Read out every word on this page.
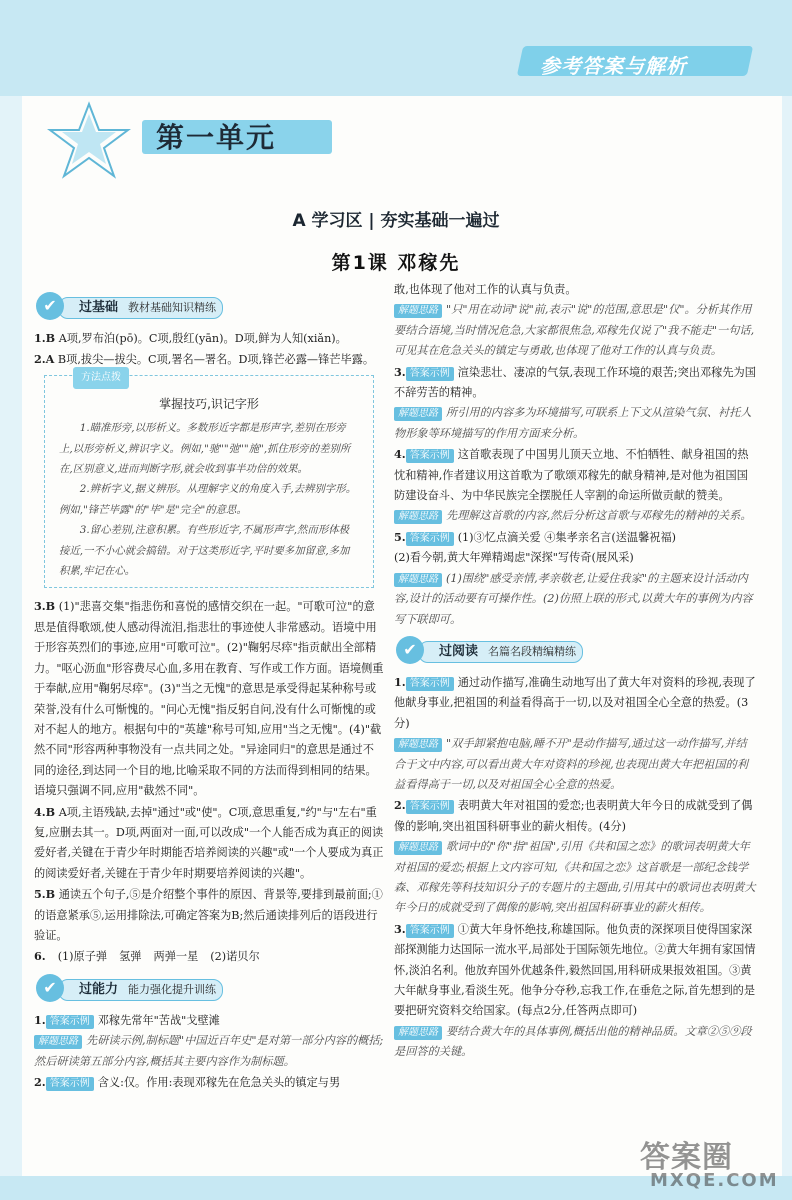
参考答案与解析
第一单元
A 学习区 | 夯实基础一遍过
第1课 邓稼先
过基础 教材基础知识精练
✔

1.B A项,罗布泊(pō)。C项,殷红(yān)。D项,鲜为人知(xiǎn)。

2.A B项,拔尖—拔尖。C项,署名—署名。D项,锋芒必露—锋芒毕露。

方法点拨
掌握技巧,识记字形

1.瞄准形旁,以形析义。多数形近字都是形声字,差别在形旁上,以形旁析义,辨识字义。例如,"驰""弛""施",抓住形旁的差别所在,区别意义,进而判断字形,就会收到事半功倍的效果。

2.辨析字义,据义辨形。从理解字义的角度入手,去辨别字形。例如,"锋芒毕露"的"毕"是"完全"的意思。

3.留心差别,注意积累。有些形近字,不属形声字,然而形体极接近,一不小心就会搞错。对于这类形近字,平时要多加留意,多加积累,牢记在心。

3.B (1)"悲喜交集"指悲伤和喜悦的感情交织在一起。"可歌可泣"的意思是值得歌颂,使人感动得流泪,指悲壮的事迹使人非常感动。语境中用于形容英烈们的事迹,应用"可歌可泣"。(2)"鞠躬尽瘁"指贡献出全部精力。"呕心沥血"形容费尽心血,多用在教育、写作或工作方面。语境侧重于奉献,应用"鞠躬尽瘁"。(3)"当之无愧"的意思是承受得起某种称号或荣誉,没有什么可惭愧的。"问心无愧"指反躬自问,没有什么可惭愧的或对不起人的地方。根据句中的"英雄"称号可知,应用"当之无愧"。(4)"截然不同"形容两种事物没有一点共同之处。"异途同归"的意思是通过不同的途径,到达同一个目的地,比喻采取不同的方法而得到相同的结果。语境只强调不同,应用"截然不同"。

4.B A项,主语残缺,去掉"通过"或"使"。C项,意思重复,"约"与"左右"重复,应删去其一。D项,两面对一面,可以改成"一个人能否成为真正的阅读爱好者,关键在于青少年时期能否培养阅读的兴趣"或"一个人要成为真正的阅读爱好者,关键在于青少年时期要培养阅读的兴趣"。

5.B 通读五个句子,⑤是介绍整个事件的原因、背景等,要排到最前面;①的语意紧承⑤,运用排除法,可确定答案为B;然后通读排列后的语段进行验证。

6. (1)原子弹 氢弹 两弹一星 (2)诺贝尔

过能力 能力强化提升训练
✔

1. 答案示例 邓稼先常年"苦战"戈壁滩

解题思路 先研读示例,制标题"中国近百年史"是对第一部分内容的概括;然后研读第五部分内容,概括其主要内容作为制标题。

2. 答案示例 含义:仅。作用:表现邓稼先在危急关头的镇定与男

敢,也体现了他对工作的认真与负责。

解题思路 "只"用在动词"说"前,表示"说"的范围,意思是"仅"。分析其作用要结合语境,当时情况危急,大家都很焦急,邓稼先仅说了"我不能走"一句话,可见其在危急关头的镇定与勇敢,也体现了他对工作的认真与负责。

3. 答案示例 渲染悲壮、凄凉的气氛,表现工作环境的艰苦;突出邓稼先为国不辞劳苦的精神。

解题思路 所引用的内容多为环境描写,可联系上下文从渲染气氛、衬托人物形象等环境描写的作用方面来分析。

4. 答案示例 这首歌表现了中国男儿顶天立地、不怕牺牲、献身祖国的热忱和精神,作者建议用这首歌为了歌颂邓稼先的献身精神,是对他为祖国国防建设奋斗、为中华民族完全摆脱任人宰割的命运所做贡献的赞美。

解题思路 先理解这首歌的内容,然后分析这首歌与邓稼先的精神的关系。

5. 答案示例 (1)③忆点滴关爱 ④集孝亲名言(送温馨祝福)

(2)看今朝,黄大年殚精竭虑"深探"写传奇(展风采)

解题思路 (1)围绕"感受亲情,孝亲敬老,让爱住我家"的主题来设计活动内容,设计的活动要有可操作性。(2)仿照上联的形式,以黄大年的事例为内容写下联即可。

过阅读 名篇名段精编精练
✔

1. 答案示例 通过动作描写,准确生动地写出了黄大年对资料的珍视,表现了他献身事业,把祖国的利益看得高于一切,以及对祖国全心全意的热爱。(3分)

解题思路 "双手卸紧抱电脑,睡不开"是动作描写,通过这一动作描写,并结合于文中内容,可以看出黄大年对资料的珍视,也表现出黄大年把祖国的利益看得高于一切,以及对祖国全心全意的热爱。

2. 答案示例 表明黄大年对祖国的爱恋;也表明黄大年今日的成就受到了偶像的影响,突出祖国科研事业的薪火相传。(4分)

解题思路 歌词中的"你"指"祖国",引用《共和国之恋》的歌词表明黄大年对祖国的爱恋;根据上文内容可知,《共和国之恋》这首歌是一部纪念钱学森、邓稼先等科技知识分子的专题片的主题曲,引用其中的歌词也表明黄大年今日的成就受到了偶像的影响,突出祖国科研事业的薪火相传。

3. 答案示例 ①黄大年身怀绝技,称雄国际。他负责的深探项目使得国家深部探测能力达国际一流水平,局部处于国际领先地位。②黄大年拥有家国情怀,淡泊名利。他放弃国外优越条件,毅然回国,用科研成果报效祖国。③黄大年献身事业,看淡生死。他争分夺秒,忘我工作,在垂危之际,首先想到的是要把研究资料交给国家。(每点2分,任答两点即可)

解题思路 要结合黄大年的具体事例,概括出他的精神品质。文章②⑤⑨段是回答的关键。

答案圈
MXQE.COM
